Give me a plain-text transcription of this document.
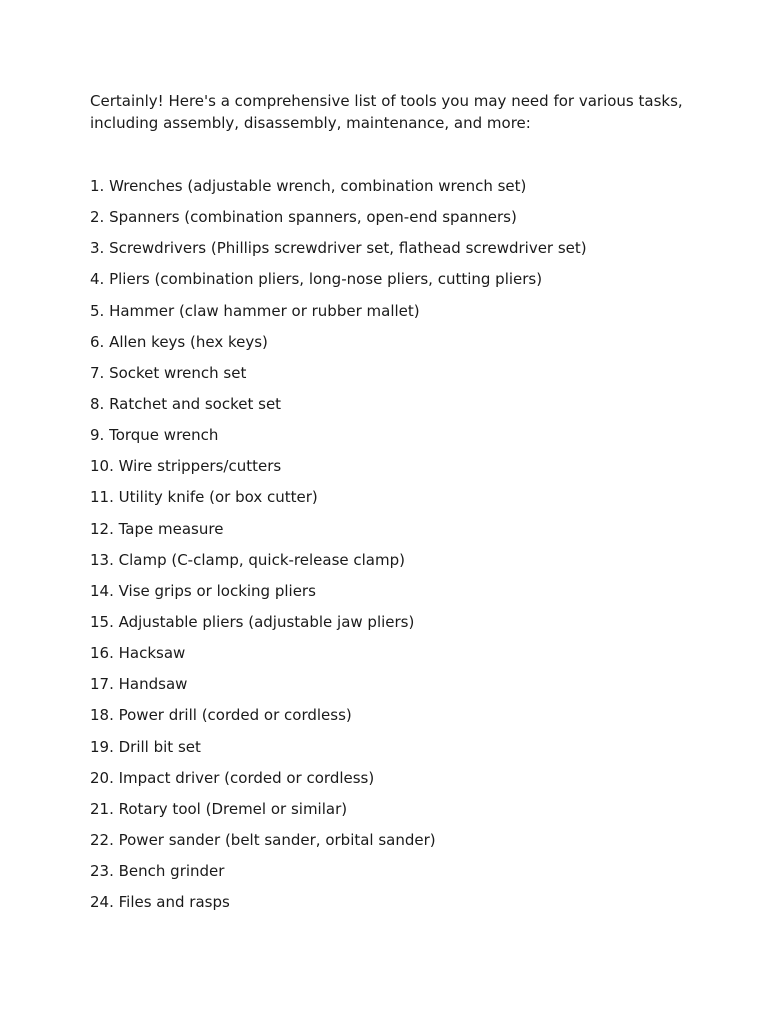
Certainly! Here's a comprehensive list of tools you may need for various tasks, including assembly, disassembly, maintenance, and more:

1. Wrenches (adjustable wrench, combination wrench set)
2. Spanners (combination spanners, open-end spanners)
3. Screwdrivers (Phillips screwdriver set, flathead screwdriver set)
4. Pliers (combination pliers, long-nose pliers, cutting pliers)
5. Hammer (claw hammer or rubber mallet)
6. Allen keys (hex keys)
7. Socket wrench set
8. Ratchet and socket set
9. Torque wrench
10. Wire strippers/cutters
11. Utility knife (or box cutter)
12. Tape measure
13. Clamp (C-clamp, quick-release clamp)
14. Vise grips or locking pliers
15. Adjustable pliers (adjustable jaw pliers)
16. Hacksaw
17. Handsaw
18. Power drill (corded or cordless)
19. Drill bit set
20. Impact driver (corded or cordless)
21. Rotary tool (Dremel or similar)
22. Power sander (belt sander, orbital sander)
23. Bench grinder
24. Files and rasps
